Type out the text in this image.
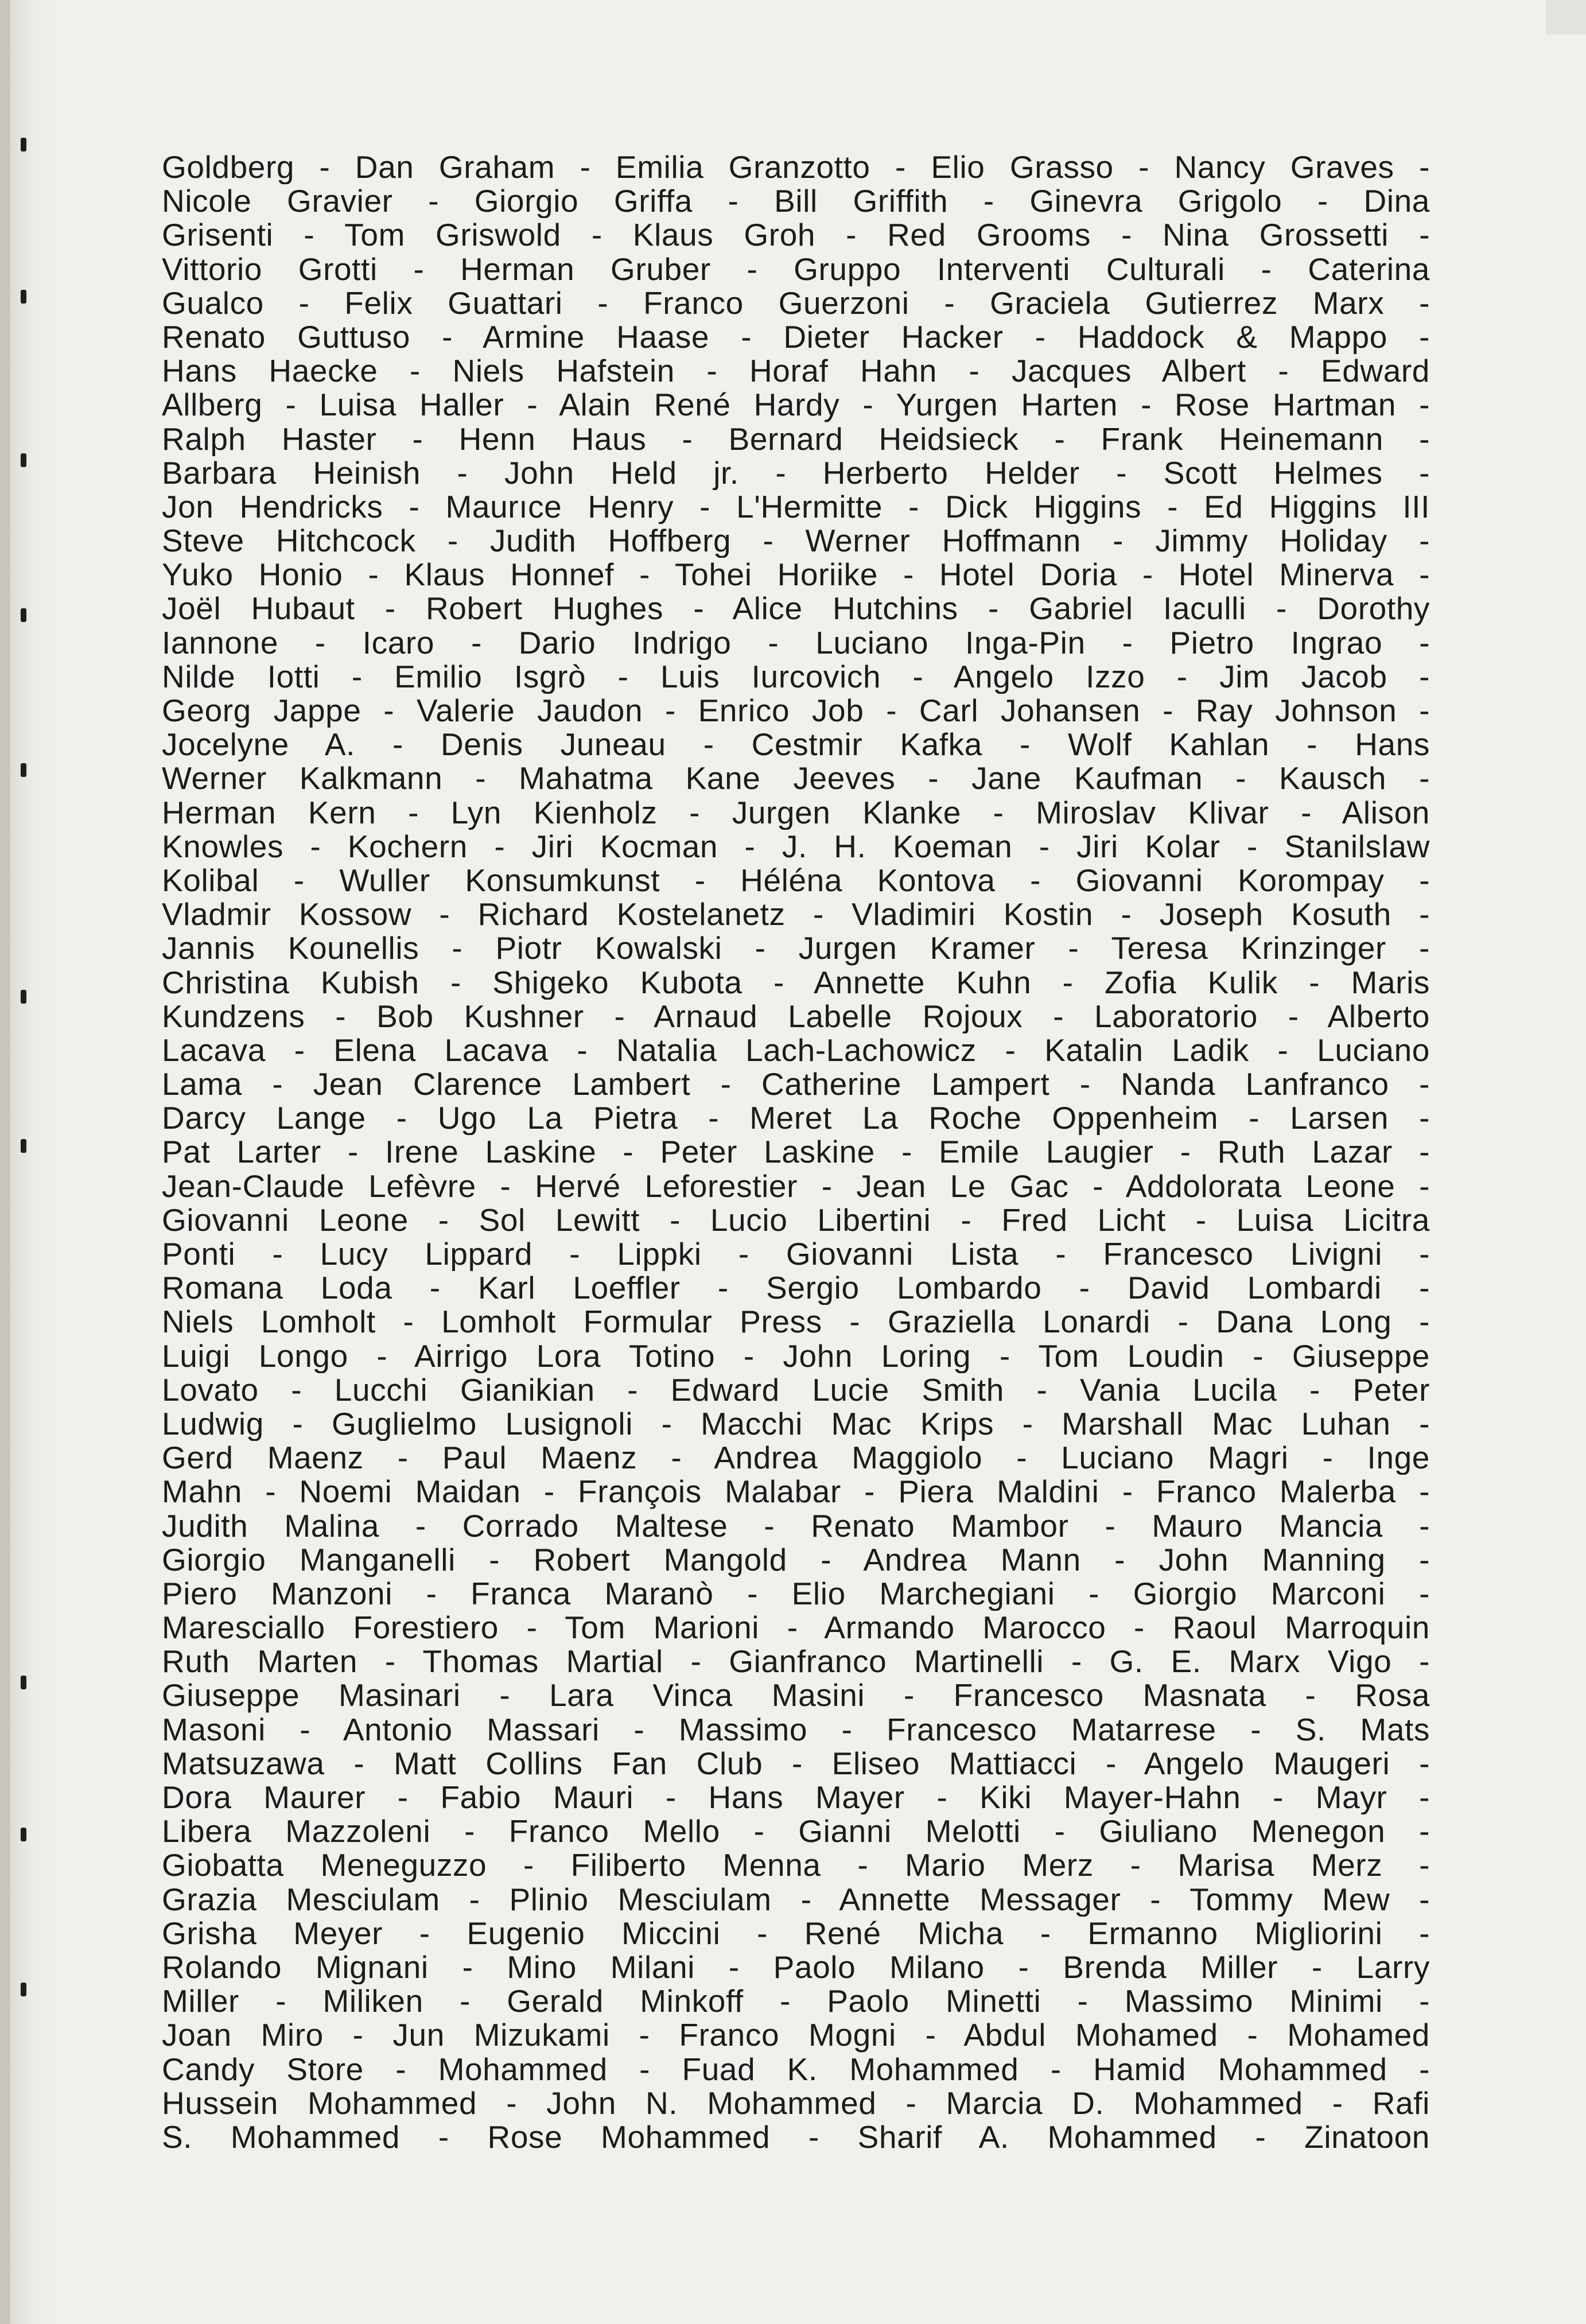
Goldberg - Dan Graham - Emilia Granzotto - Elio Grasso - Nancy Graves -
Nicole Gravier - Giorgio Griffa - Bill Griffith - Ginevra Grigolo - Dina
Grisenti - Tom Griswold - Klaus Groh - Red Grooms - Nina Grossetti -
Vittorio Grotti - Herman Gruber - Gruppo Interventi Culturali - Caterina
Gualco - Felix Guattari - Franco Guerzoni - Graciela Gutierrez Marx -
Renato Guttuso - Armine Haase - Dieter Hacker - Haddock & Mappo -
Hans Haecke - Niels Hafstein - Horaf Hahn - Jacques Albert - Edward
Allberg - Luisa Haller - Alain René Hardy - Yurgen Harten - Rose Hartman -
Ralph Haster - Henn Haus - Bernard Heidsieck - Frank Heinemann -
Barbara Heinish - John Held jr. - Herberto Helder - Scott Helmes -
Jon Hendricks - Maurıce Henry - L'Hermitte - Dick Higgins - Ed Higgins III
Steve Hitchcock - Judith Hoffberg - Werner Hoffmann - Jimmy Holiday -
Yuko Honio - Klaus Honnef - Tohei Horiike - Hotel Doria - Hotel Minerva -
Joël Hubaut - Robert Hughes - Alice Hutchins - Gabriel Iaculli - Dorothy
Iannone - Icaro - Dario Indrigo - Luciano Inga-Pin - Pietro Ingrao -
Nilde Iotti - Emilio Isgrò - Luis Iurcovich - Angelo Izzo - Jim Jacob -
Georg Jappe - Valerie Jaudon - Enrico Job - Carl Johansen - Ray Johnson -
Jocelyne A. - Denis Juneau - Cestmir Kafka - Wolf Kahlan - Hans
Werner Kalkmann - Mahatma Kane Jeeves - Jane Kaufman - Kausch -
Herman Kern - Lyn Kienholz - Jurgen Klanke - Miroslav Klivar - Alison
Knowles - Kochern - Jiri Kocman - J. H. Koeman - Jiri Kolar - Stanilslaw
Kolibal - Wuller Konsumkunst - Héléna Kontova - Giovanni Korompay -
Vladmir Kossow - Richard Kostelanetz - Vladimiri Kostin - Joseph Kosuth -
Jannis Kounellis - Piotr Kowalski - Jurgen Kramer - Teresa Krinzinger -
Christina Kubish - Shigeko Kubota - Annette Kuhn - Zofia Kulik - Maris
Kundzens - Bob Kushner - Arnaud Labelle Rojoux - Laboratorio - Alberto
Lacava - Elena Lacava - Natalia Lach-Lachowicz - Katalin Ladik - Luciano
Lama - Jean Clarence Lambert - Catherine Lampert - Nanda Lanfranco -
Darcy Lange - Ugo La Pietra - Meret La Roche Oppenheim - Larsen -
Pat Larter - Irene Laskine - Peter Laskine - Emile Laugier - Ruth Lazar -
Jean-Claude Lefèvre - Hervé Leforestier - Jean Le Gac - Addolorata Leone -
Giovanni Leone - Sol Lewitt - Lucio Libertini - Fred Licht - Luisa Licitra
Ponti - Lucy Lippard - Lippki - Giovanni Lista - Francesco Livigni -
Romana Loda - Karl Loeffler - Sergio Lombardo - David Lombardi -
Niels Lomholt - Lomholt Formular Press - Graziella Lonardi - Dana Long -
Luigi Longo - Airrigo Lora Totino - John Loring - Tom Loudin - Giuseppe
Lovato - Lucchi Gianikian - Edward Lucie Smith - Vania Lucila - Peter
Ludwig - Guglielmo Lusignoli - Macchi Mac Krips - Marshall Mac Luhan -
Gerd Maenz - Paul Maenz - Andrea Maggiolo - Luciano Magri - Inge
Mahn - Noemi Maidan - François Malabar - Piera Maldini - Franco Malerba -
Judith Malina - Corrado Maltese - Renato Mambor - Mauro Mancia -
Giorgio Manganelli - Robert Mangold - Andrea Mann - John Manning -
Piero Manzoni - Franca Maranò - Elio Marchegiani - Giorgio Marconi -
Maresciallo Forestiero - Tom Marioni - Armando Marocco - Raoul Marroquin
Ruth Marten - Thomas Martial - Gianfranco Martinelli - G. E. Marx Vigo -
Giuseppe Masinari - Lara Vinca Masini - Francesco Masnata - Rosa
Masoni - Antonio Massari - Massimo - Francesco Matarrese - S. Mats
Matsuzawa - Matt Collins Fan Club - Eliseo Mattiacci - Angelo Maugeri -
Dora Maurer - Fabio Mauri - Hans Mayer - Kiki Mayer-Hahn - Mayr -
Libera Mazzoleni - Franco Mello - Gianni Melotti - Giuliano Menegon -
Giobatta Meneguzzo - Filiberto Menna - Mario Merz - Marisa Merz -
Grazia Mesciulam - Plinio Mesciulam - Annette Messager - Tommy Mew -
Grisha Meyer - Eugenio Miccini - René Micha - Ermanno Migliorini -
Rolando Mignani - Mino Milani - Paolo Milano - Brenda Miller - Larry
Miller - Miliken - Gerald Minkoff - Paolo Minetti - Massimo Minimi -
Joan Miro - Jun Mizukami - Franco Mogni - Abdul Mohamed - Mohamed
Candy Store - Mohammed - Fuad K. Mohammed - Hamid Mohammed -
Hussein Mohammed - John N. Mohammed - Marcia D. Mohammed - Rafi
S. Mohammed - Rose Mohammed - Sharif A. Mohammed - Zinatoon
